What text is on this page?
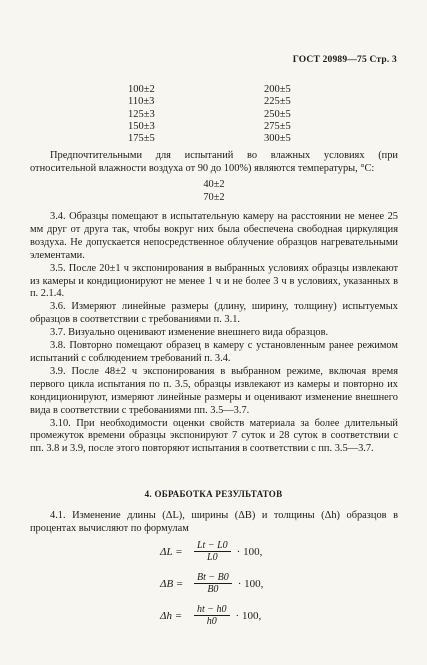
ГОСТ 20989—75 Стр. 3
100±2	200±5
110±3	225±5
125±3	250±5
150±3	275±5
175±5	300±5

Предпочтительными для испытаний во влажных условиях (при относительной влажности воздуха от 90 до 100%) являются температуры, °С:

40±2

70±2

3.4. Образцы помещают в испытательную камеру на расстоянии не менее 25 мм друг от друга так, чтобы вокруг них была обеспечена свободная циркуляция воздуха. Не допускается непосредственное облучение образцов нагревательными элементами.

3.5. После 20±1 ч экспонирования в выбранных условиях образцы извлекают из камеры и кондиционируют не менее 1 ч и не более 3 ч в условиях, указанных в п. 2.1.4.

3.6. Измеряют линейные размеры (длину, ширину, толщину) испытуемых образцов в соответствии с требованиями п. 3.1.

3.7. Визуально оценивают изменение внешнего вида образцов.

3.8. Повторно помещают образец в камеру с установленным ранее режимом испытаний с соблюдением требований п. 3.4.

3.9. После 48±2 ч экспонирования в выбранном режиме, включая время первого цикла испытания по п. 3.5, образцы извлекают из камеры и повторно их кондиционируют, измеряют линейные размеры и оценивают изменение внешнего вида в соответствии с требованиями пп. 3.5—3.7.

3.10. При необходимости оценки свойств материала за более длительный промежуток времени образцы экспонируют 7 суток и 28 суток в соответствии с пп. 3.8 и 3.9, после этого повторяют испытания в соответствии с пп. 3.5—3.7.

4. ОБРАБОТКА РЕЗУЛЬТАТОВ

4.1. Изменение длины (ΔL), ширины (ΔB) и толщины (Δh) образцов в процентах вычисляют по формулам

ΔL =	$\frac{Lt - L0}{L0} \cdot 100$,
ΔB =	$\frac{Bt - B0}{B0} \cdot 100$,
Δh =	$\frac{ht - h0}{h0} \cdot 100$,
